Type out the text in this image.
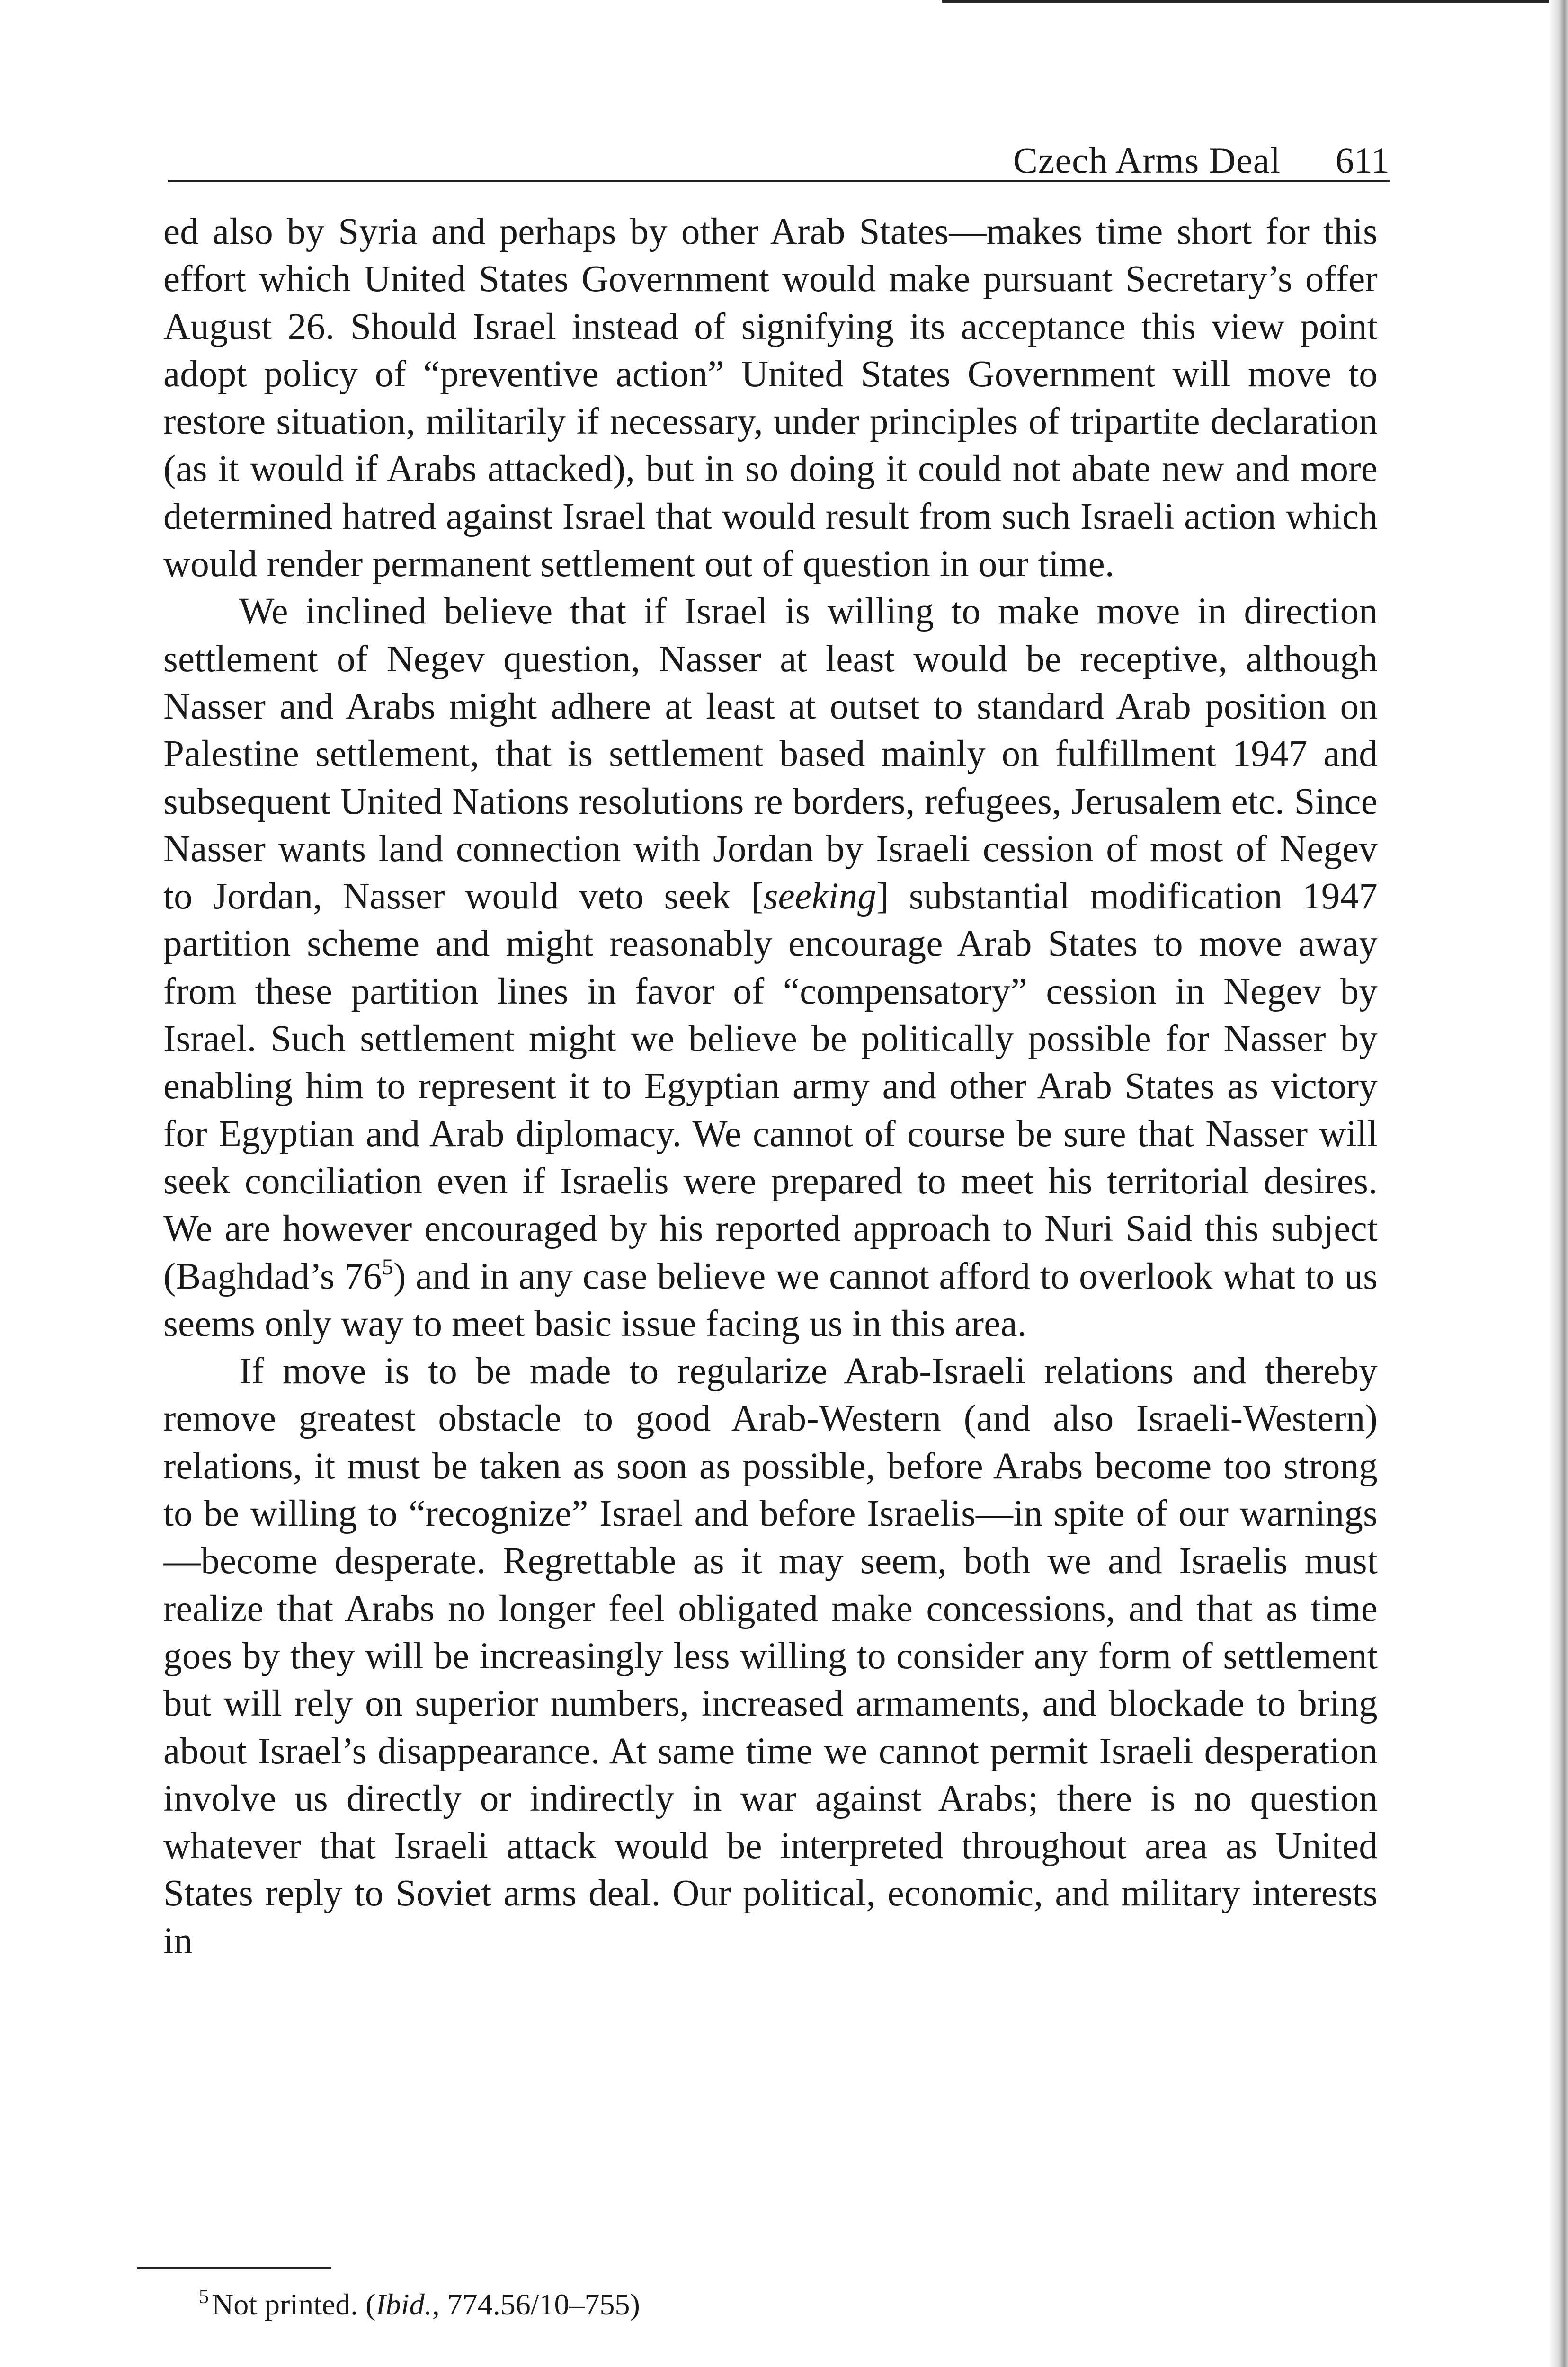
Czech Arms Deal 611

ed also by Syria and perhaps by other Arab States—makes time short for this effort which United States Government would make pursuant Secretary’s offer August 26. Should Israel instead of signifying its acceptance this view point adopt policy of “preventive action” United States Government will move to restore situation, militarily if necessary, under principles of tripartite declaration (as it would if Arabs attacked), but in so doing it could not abate new and more determined hatred against Israel that would result from such Israeli action which would render permanent settlement out of question in our time.

We inclined believe that if Israel is willing to make move in direction settlement of Negev question, Nasser at least would be receptive, although Nasser and Arabs might adhere at least at outset to standard Arab position on Palestine settlement, that is settlement based mainly on fulfillment 1947 and subsequent United Nations resolutions re borders, refugees, Jerusalem etc. Since Nasser wants land connection with Jordan by Israeli cession of most of Negev to Jordan, Nasser would veto seek [seeking] substantial modification 1947 partition scheme and might reasonably encourage Arab States to move away from these partition lines in favor of “compensatory” cession in Negev by Israel. Such settlement might we believe be politically possible for Nasser by enabling him to represent it to Egyptian army and other Arab States as victory for Egyptian and Arab diplomacy. We cannot of course be sure that Nasser will seek conciliation even if Israelis were prepared to meet his territorial desires. We are however encouraged by his reported approach to Nuri Said this subject (Baghdad’s $76^5$) and in any case believe we cannot afford to overlook what to us seems only way to meet basic issue facing us in this area.

If move is to be made to regularize Arab-Israeli relations and thereby remove greatest obstacle to good Arab-Western (and also Israeli-Western) relations, it must be taken as soon as possible, before Arabs become too strong to be willing to “recognize” Israel and before Israelis—in spite of our warnings—become desperate. Regrettable as it may seem, both we and Israelis must realize that Arabs no longer feel obligated make concessions, and that as time goes by they will be increasingly less willing to consider any form of settlement but will rely on superior numbers, increased armaments, and blockade to bring about Israel’s disappearance. At same time we cannot permit Israeli desperation involve us directly or indirectly in war against Arabs; there is no question whatever that Israeli attack would be interpreted throughout area as United States reply to Soviet arms deal. Our political, economic, and military interests in

$^5$Not printed. (Ibid., 774.56/10–755)
